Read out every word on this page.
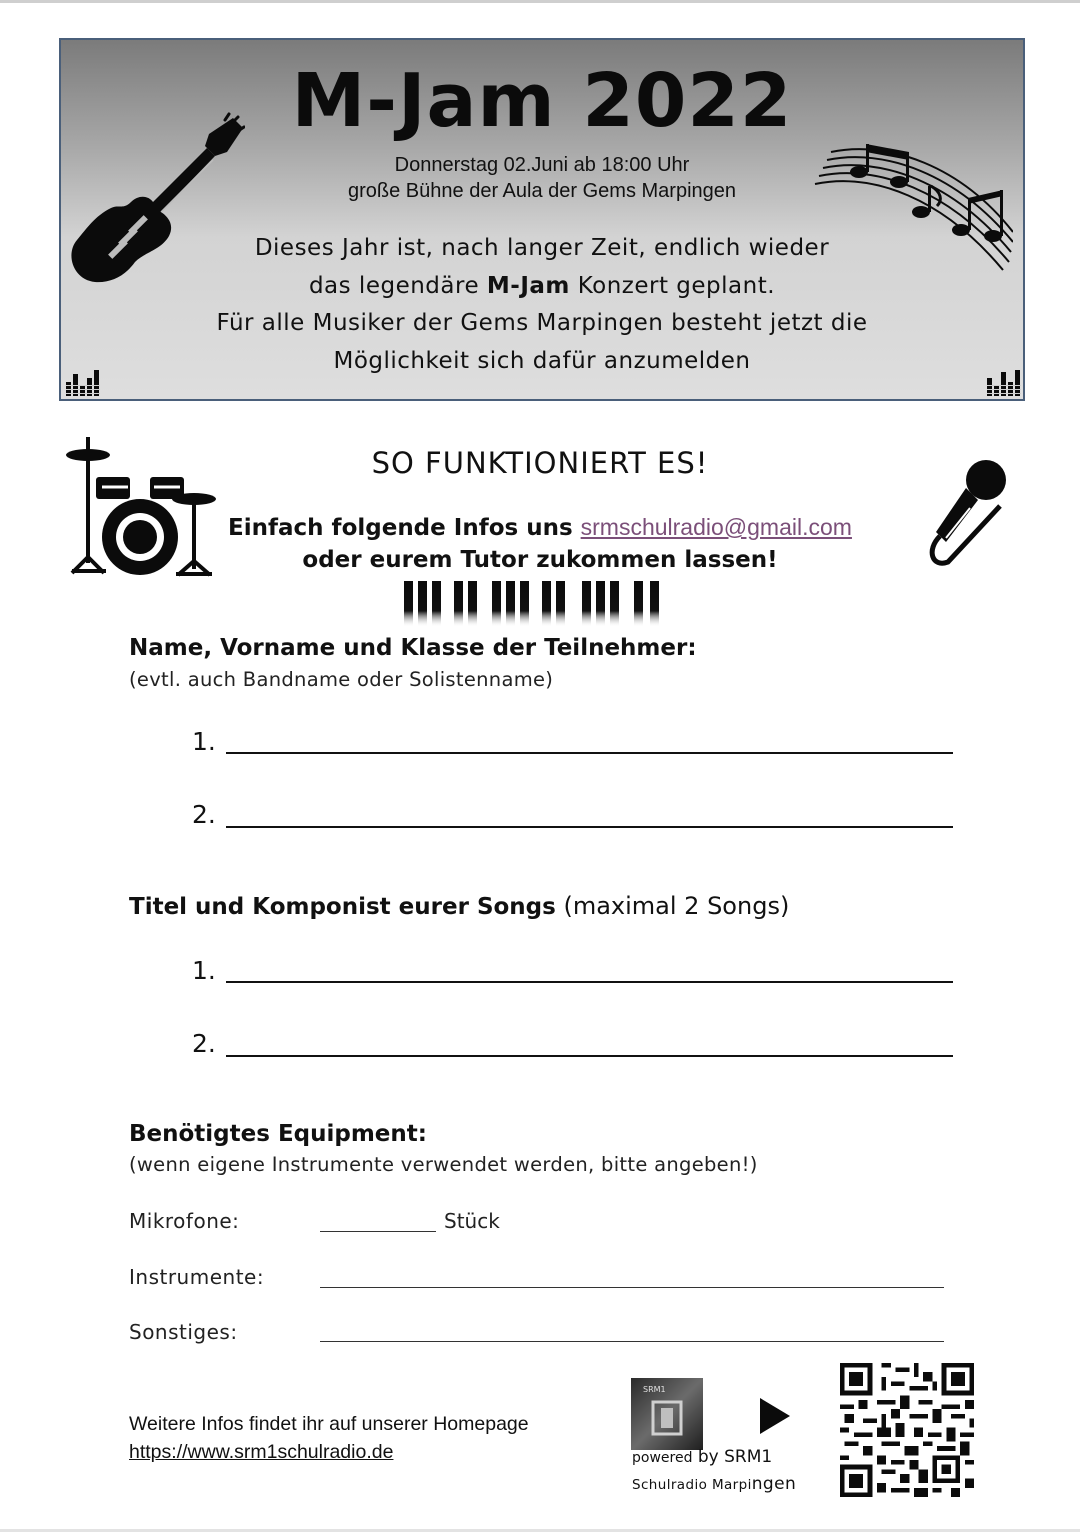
M-Jam 2022
Donnerstag 02.Juni ab 18:00 Uhr
große Bühne der Aula der Gems Marpingen
Dieses Jahr ist, nach langer Zeit, endlich wieder
das legendäre M-Jam Konzert geplant.
Für alle Musiker der Gems Marpingen besteht jetzt die
Möglichkeit sich dafür anzumelden
SO FUNKTIONIERT ES!
Einfach folgende Infos uns srmschulradio@gmail.com
oder eurem Tutor zukommen lassen!
Name, Vorname und Klasse der Teilnehmer:
(evtl. auch Bandname oder Solistenname)
1.
2.
Titel und Komponist eurer Songs (maximal 2 Songs)
1.
2.
Benötigtes Equipment:
(wenn eigene Instrumente verwendet werden, bitte angeben!)
Mikrofone:	Stück
Instrumente:
Sonstiges:
Weitere Infos findet ihr auf unserer Homepage
https://www.srm1schulradio.de
SRM1
powered by SRM1
Schulradio Marpingen
